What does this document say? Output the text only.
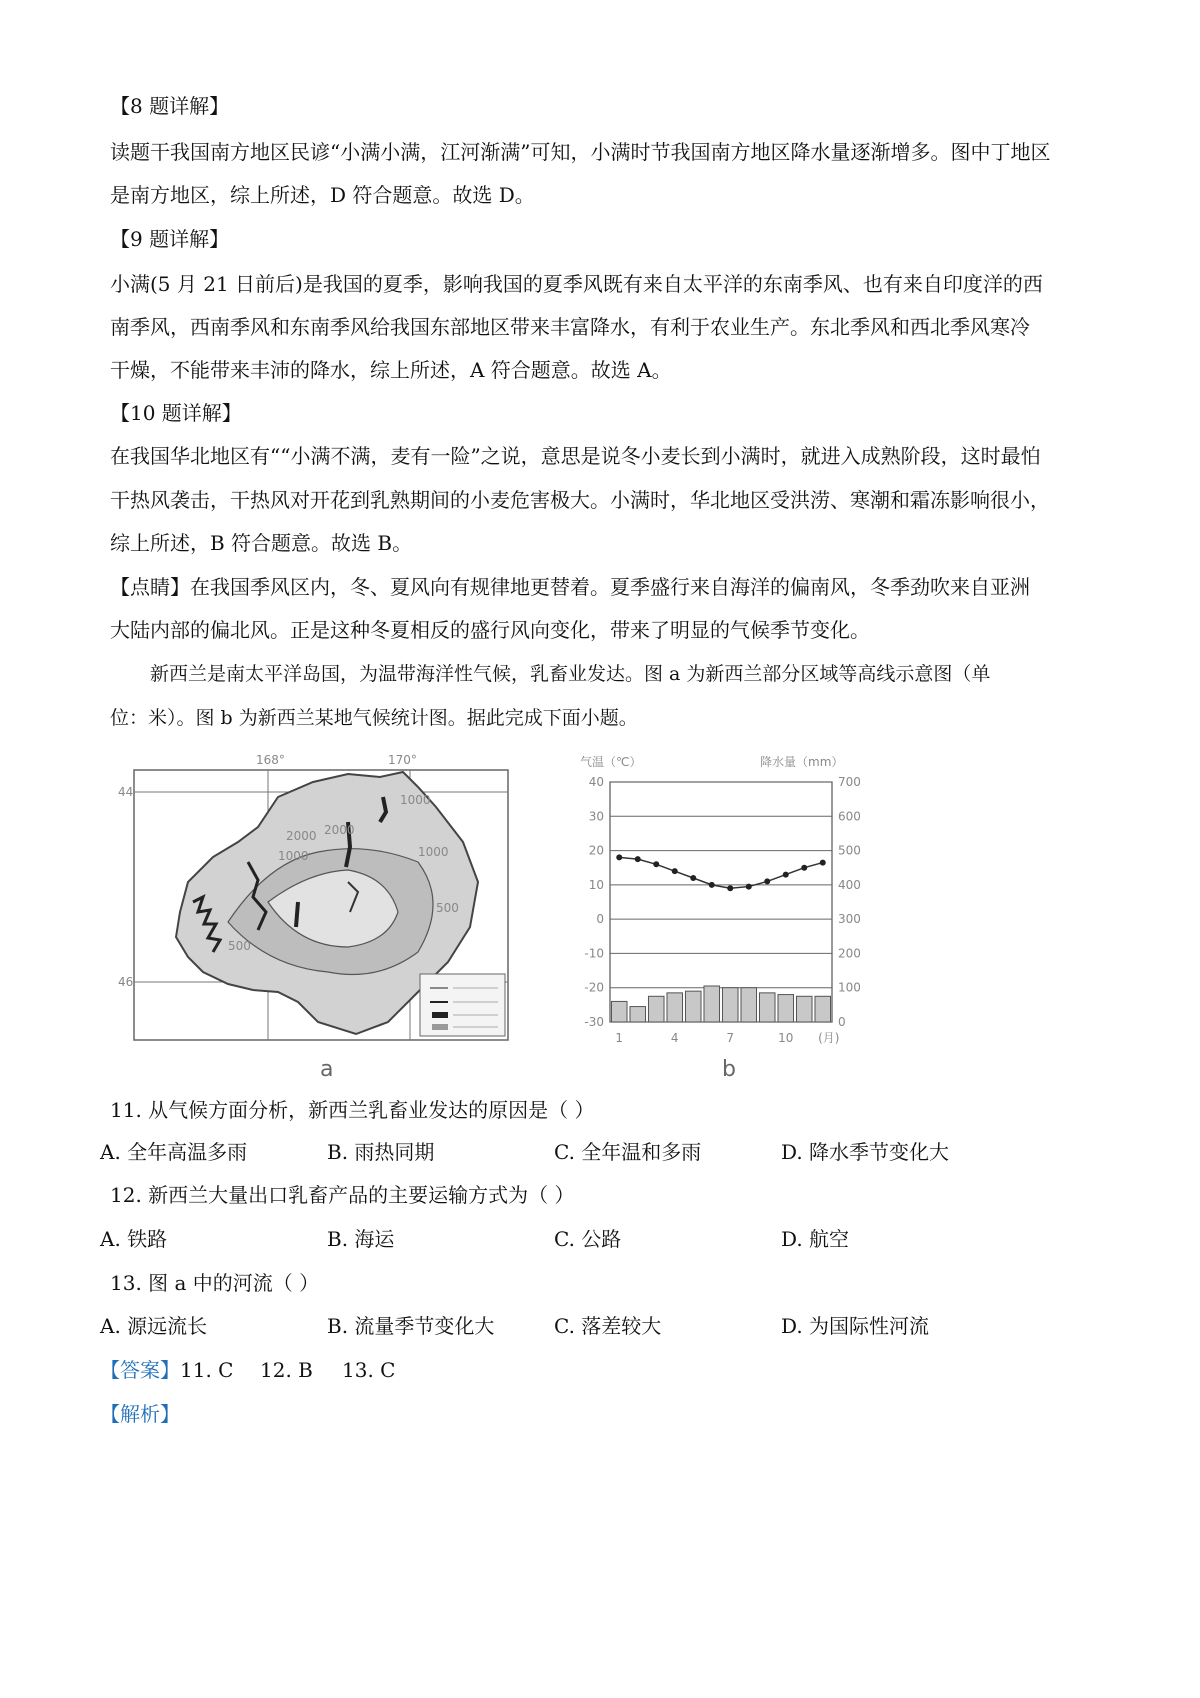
【8 题详解】
读题干我国南方地区民谚“小满小满，江河渐满”可知，小满时节我国南方地区降水量逐渐增多。图中丁地区
是南方地区，综上所述，D 符合题意。故选 D。
【9 题详解】
小满(5 月 21 日前后)是我国的夏季，影响我国的夏季风既有来自太平洋的东南季风、也有来自印度洋的西
南季风，西南季风和东南季风给我国东部地区带来丰富降水，有利于农业生产。东北季风和西北季风寒冷
干燥，不能带来丰沛的降水，综上所述，A 符合题意。故选 A。
【10 题详解】
在我国华北地区有““小满不满，麦有一险”之说，意思是说冬小麦长到小满时，就进入成熟阶段，这时最怕
干热风袭击，干热风对开花到乳熟期间的小麦危害极大。小满时，华北地区受洪涝、寒潮和霜冻影响很小，
综上所述，B 符合题意。故选 B。
【点睛】在我国季风区内，冬、夏风向有规律地更替着。夏季盛行来自海洋的偏南风，冬季劲吹来自亚洲
大陆内部的偏北风。正是这种冬夏相反的盛行风向变化，带来了明显的气候季节变化。
新西兰是南太平洋岛国，为温带海洋性气候，乳畜业发达。图 a 为新西兰部分区域等高线示意图（单
位：米）。图 b 为新西兰某地气候统计图。据此完成下面小题。
168°	170°
44
46
1000
2000
1000
2000
1000
500
500
a
气温（℃）	降水量（mm）
40
30
20
10
0
-10
-20
-30
700
600
500
400
300
200
100
0
1	4	7	10 (月)
b
11. 从气候方面分析，新西兰乳畜业发达的原因是（ ）
A. 全年高温多雨	B. 雨热同期	C. 全年温和多雨	D. 降水季节变化大
12. 新西兰大量出口乳畜产品的主要运输方式为（ ）
A. 铁路	B. 海运	C. 公路	D. 航空
13. 图 a 中的河流（ ）
A. 源远流长	B. 流量季节变化大	C. 落差较大	D. 为国际性河流
【答案】 11. C 12. B 13. C
【解析】
